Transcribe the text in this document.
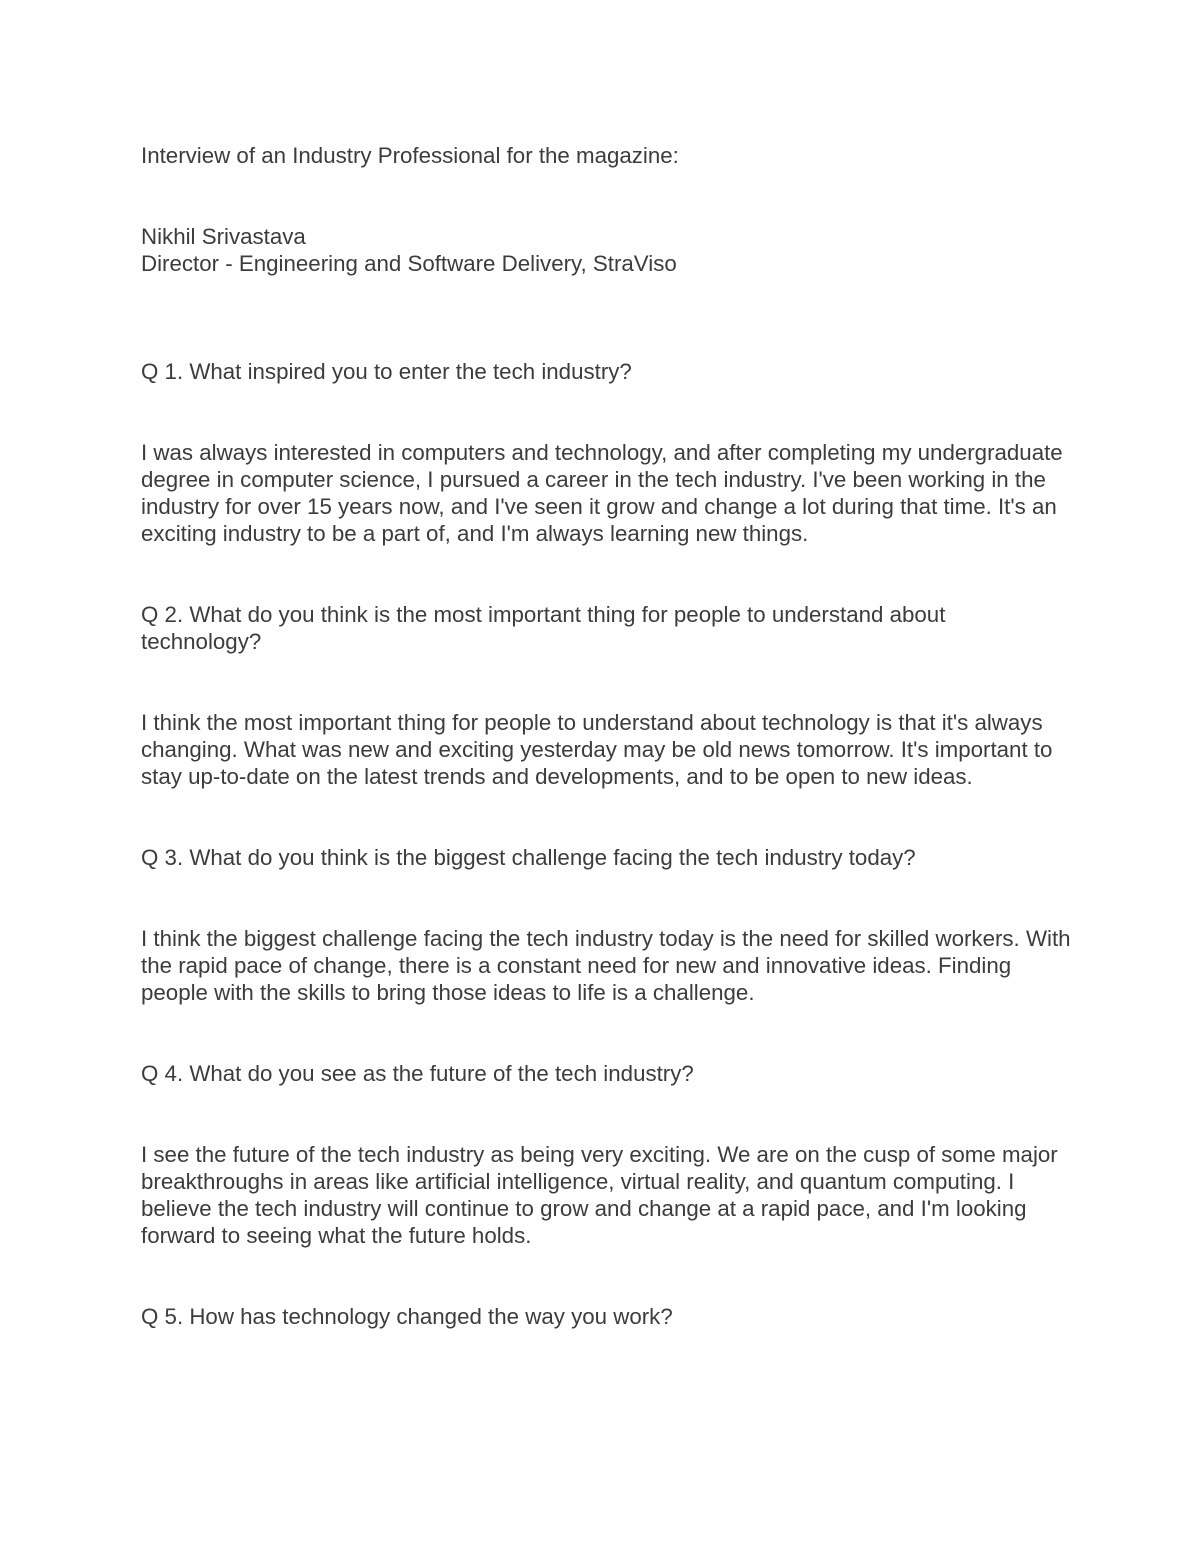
Interview of an Industry Professional for the magazine:

Nikhil Srivastava

Director - Engineering and Software Delivery, StraViso

Q 1. What inspired you to enter the tech industry?

I was always interested in computers and technology, and after completing my undergraduate degree in computer science, I pursued a career in the tech industry. I've been working in the industry for over 15 years now, and I've seen it grow and change a lot during that time. It's an exciting industry to be a part of, and I'm always learning new things.

Q 2. What do you think is the most important thing for people to understand about technology?

I think the most important thing for people to understand about technology is that it's always changing. What was new and exciting yesterday may be old news tomorrow. It's important to stay up-to-date on the latest trends and developments, and to be open to new ideas.

Q 3. What do you think is the biggest challenge facing the tech industry today?

I think the biggest challenge facing the tech industry today is the need for skilled workers. With the rapid pace of change, there is a constant need for new and innovative ideas. Finding people with the skills to bring those ideas to life is a challenge.

Q 4. What do you see as the future of the tech industry?

I see the future of the tech industry as being very exciting. We are on the cusp of some major breakthroughs in areas like artificial intelligence, virtual reality, and quantum computing. I believe the tech industry will continue to grow and change at a rapid pace, and I'm looking forward to seeing what the future holds.

Q 5. How has technology changed the way you work?
